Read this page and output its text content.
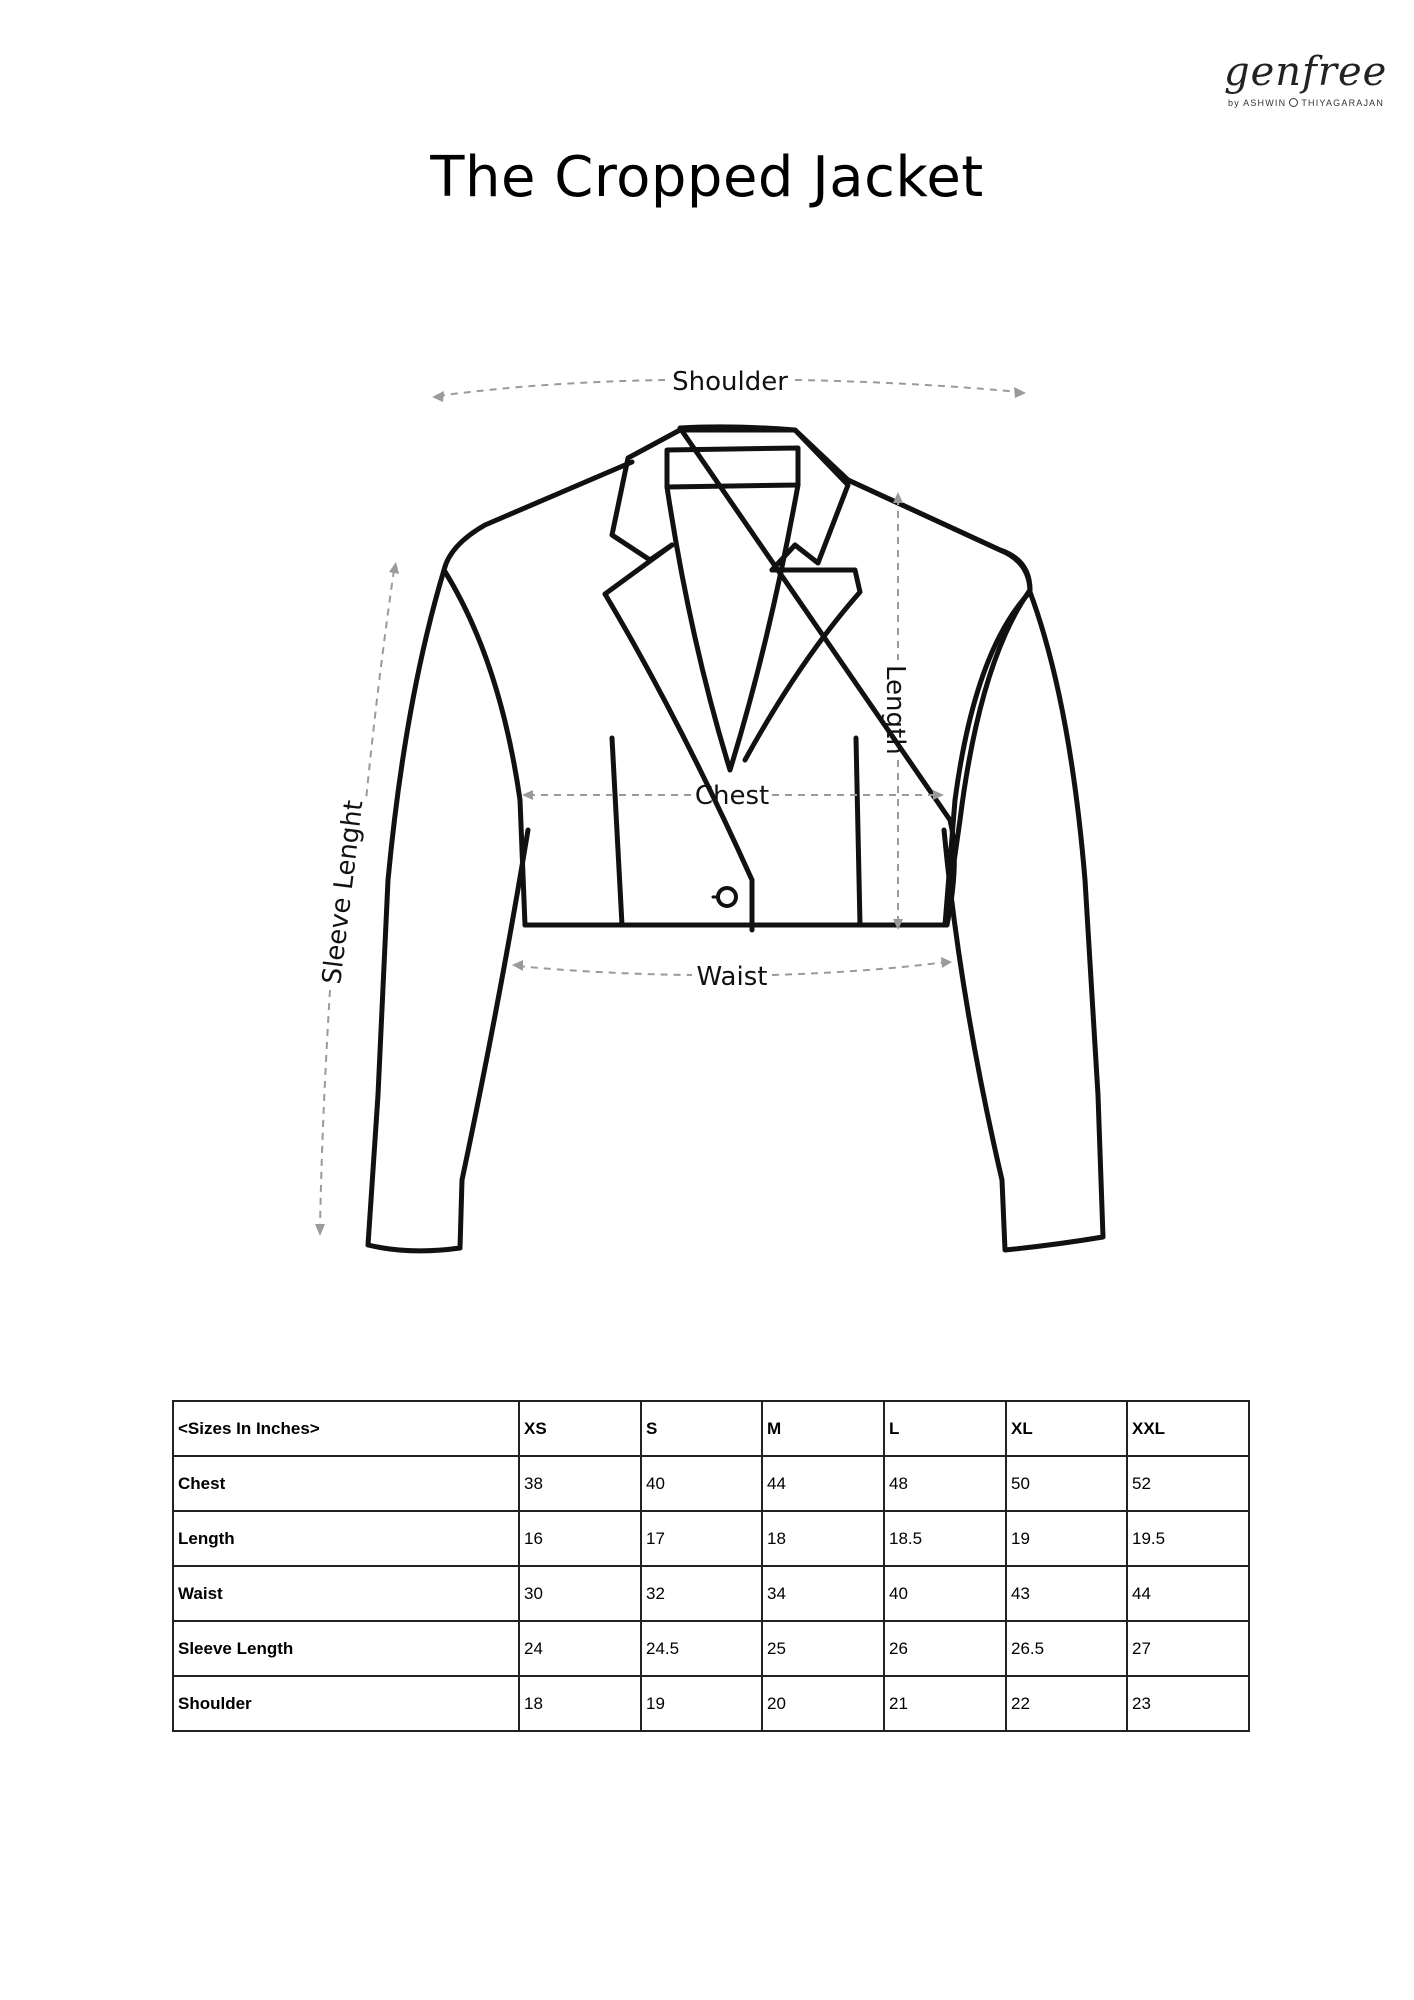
genfree
by ASHWIN THIYAGARAJAN
The Cropped Jacket
Shoulder
Length
Chest
Waist
Sleeve Lenght
<Sizes In Inches>	XS	S	M	L	XL	XXL
Chest	38	40	44	48	50	52
Length	16	17	18	18.5	19	19.5
Waist	30	32	34	40	43	44
Sleeve Length	24	24.5	25	26	26.5	27
Shoulder	18	19	20	21	22	23
